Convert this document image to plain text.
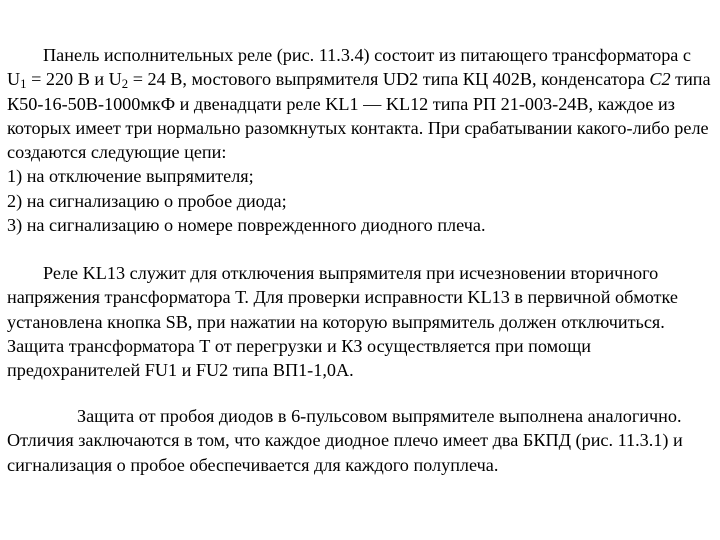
Панель исполнительных реле (рис. 11.3.4) состоит из питающего трансформатора с $U_1 = 220$ В и $U_2 = 24$ В, мостового выпрямителя UD2 типа КЦ 402В, конденсатора С2 типа К50-16-50В-1000мкФ и двенадцати реле KL1 — KL12 типа РП 21-003-24В, каждое из которых имеет три нормально разомкнутых контакта. При срабатывании какого-либо реле создаются следующие цепи:

1) на отключение выпрямителя;

2) на сигнализацию о пробое диода;

3) на сигнализацию о номере поврежденного диодного плеча.

Реле KL13 служит для отключения выпрямителя при исчезновении вторичного напряжения трансформатора Т. Для проверки исправности KL13 в первичной обмотке установлена кнопка SB, при нажатии на которую выпрямитель должен отключиться. Защита трансформатора Т от перегрузки и КЗ осуществляется при помощи предохранителей FU1 и FU2 типа ВП1-1,0А.

Защита от пробоя диодов в 6-пульсовом выпрямителе выполнена аналогично. Отличия заключаются в том, что каждое диодное плечо имеет два БКПД (рис. 11.3.1) и сигнализация о пробое обеспечивается для каждого полуплеча.
